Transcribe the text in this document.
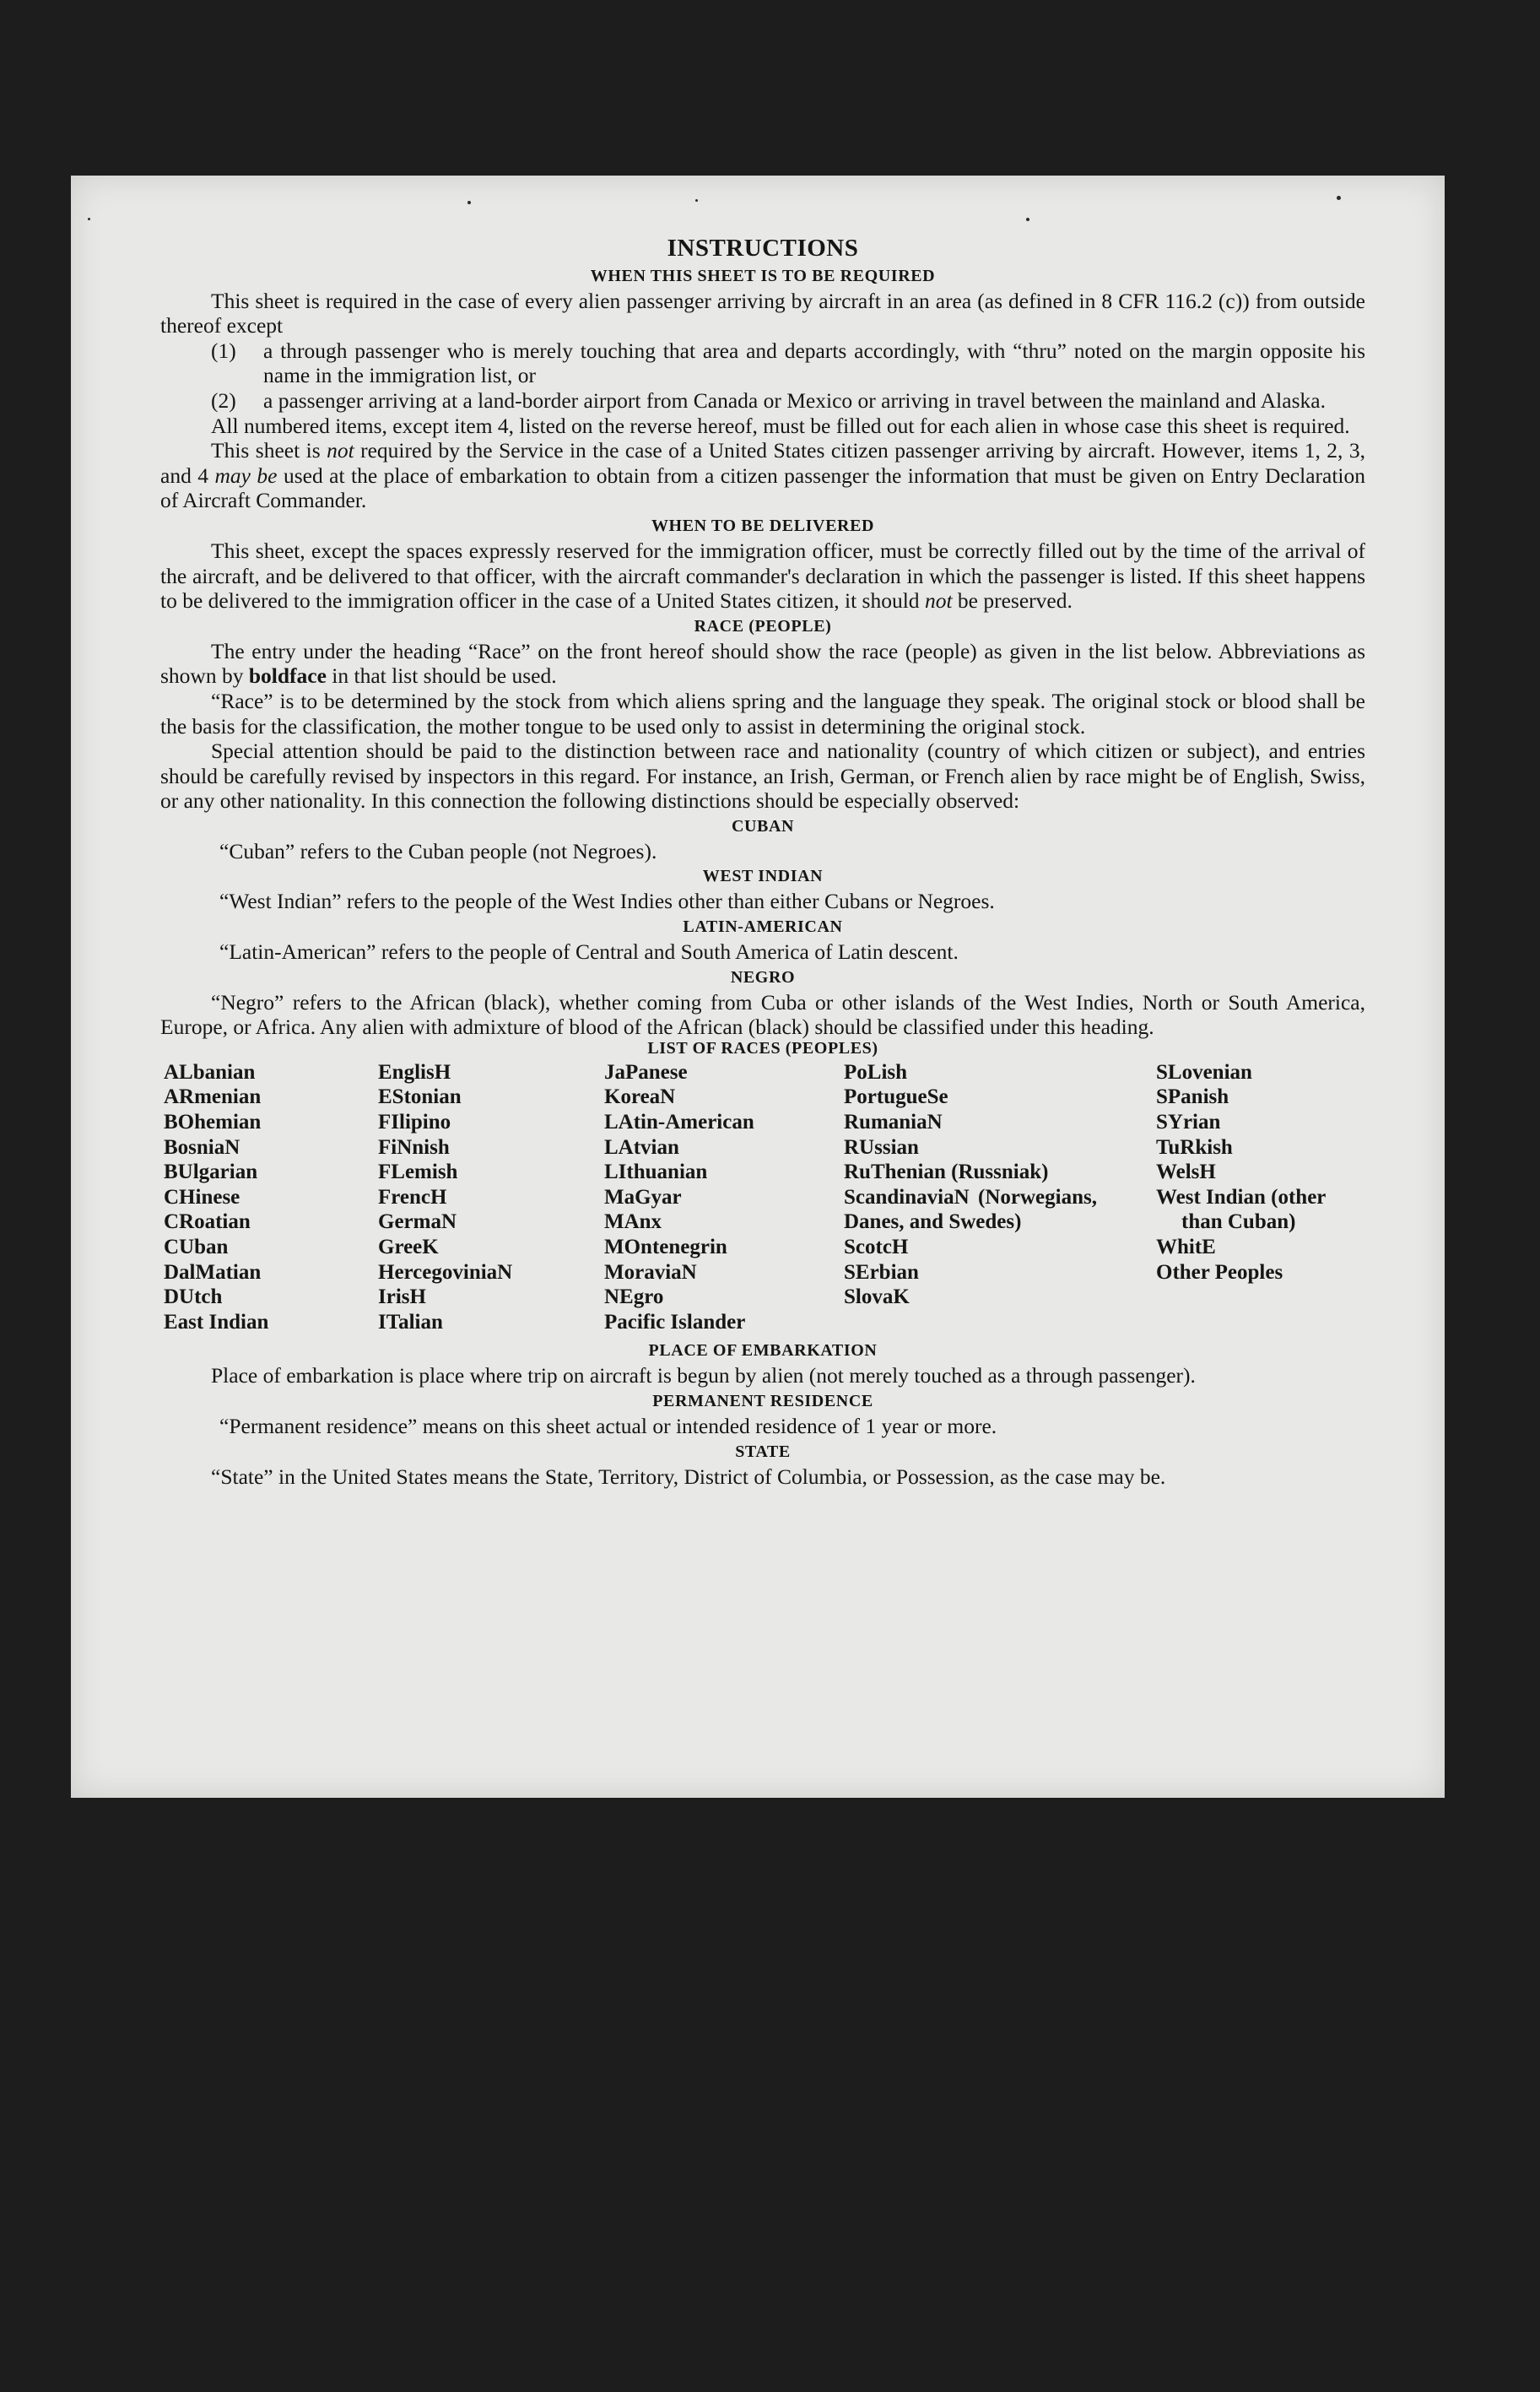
INSTRUCTIONS
WHEN THIS SHEET IS TO BE REQUIRED

This sheet is required in the case of every alien passenger arriving by aircraft in an area (as defined in 8 CFR 116.2 (c)) from outside thereof except

(1)	a through passenger who is merely touching that area and departs accordingly, with “thru” noted on the margin opposite his name in the immigration list, or
(2)	a passenger arriving at a land-border airport from Canada or Mexico or arriving in travel between the mainland and Alaska.

All numbered items, except item 4, listed on the reverse hereof, must be filled out for each alien in whose case this sheet is required.

This sheet is not required by the Service in the case of a United States citizen passenger arriving by aircraft. However, items 1, 2, 3, and 4 may be used at the place of embarkation to obtain from a citizen passenger the information that must be given on Entry Declaration of Aircraft Commander.

WHEN TO BE DELIVERED

This sheet, except the spaces expressly reserved for the immigration officer, must be correctly filled out by the time of the arrival of the aircraft, and be delivered to that officer, with the aircraft commander's declaration in which the passenger is listed. If this sheet happens to be delivered to the immigration officer in the case of a United States citizen, it should not be preserved.

RACE (PEOPLE)

The entry under the heading “Race” on the front hereof should show the race (people) as given in the list below. Abbreviations as shown by boldface in that list should be used.

“Race” is to be determined by the stock from which aliens spring and the language they speak. The original stock or blood shall be the basis for the classification, the mother tongue to be used only to assist in determining the original stock.

Special attention should be paid to the distinction between race and nationality (country of which citizen or subject), and entries should be carefully revised by inspectors in this regard. For instance, an Irish, German, or French alien by race might be of English, Swiss, or any other nationality. In this connection the following distinctions should be especially observed:

CUBAN

“Cuban” refers to the Cuban people (not Negroes).

WEST INDIAN

“West Indian” refers to the people of the West Indies other than either Cubans or Negroes.

LATIN-AMERICAN

“Latin-American” refers to the people of Central and South America of Latin descent.

NEGRO

“Negro” refers to the African (black), whether coming from Cuba or other islands of the West Indies, North or South America, Europe, or Africa. Any alien with admixture of blood of the African (black) should be classified under this heading.

LIST OF RACES (PEOPLES)
ALbanian
ARmenian
BOhemian
BosniaN
BUlgarian
CHinese
CRoatian
CUban
DalMatian
DUtch
East Indian
EnglisH
EStonian
FIlipino
FiNnish
FLemish
FrencH
GermaN
GreeK
HercegoviniaN
IrisH
ITalian
JaPanese
KoreaN
LAtin-American
LAtvian
LIthuanian
MaGyar
MAnx
MOntenegrin
MoraviaN
NEgro
Pacific Islander
PoLish
PortugueSe
RumaniaN
RUssian
RuThenian (Russniak)
ScandinaviaN (Norwegians, Danes, and Swedes)
ScotcH
SErbian
SlovaK
SLovenian
SPanish
SYrian
TuRkish
WelsH
West Indian (other
than Cuban)
WhitE
Other Peoples
PLACE OF EMBARKATION

Place of embarkation is place where trip on aircraft is begun by alien (not merely touched as a through passenger).

PERMANENT RESIDENCE

“Permanent residence” means on this sheet actual or intended residence of 1 year or more.

STATE

“State” in the United States means the State, Territory, District of Columbia, or Possession, as the case may be.
